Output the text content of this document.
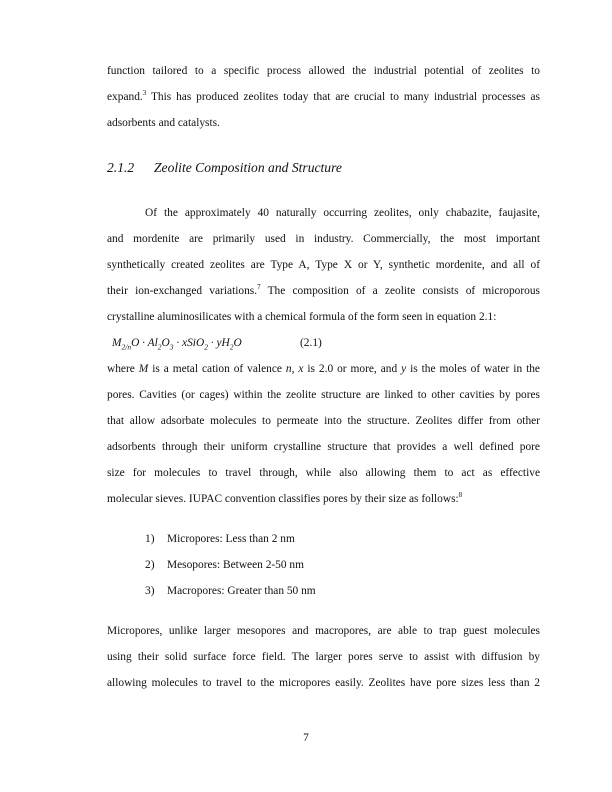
function tailored to a specific process allowed the industrial potential of zeolites to
expand.$^3$ This has produced zeolites today that are crucial to many industrial processes as
adsorbents and catalysts.
2.1.2	Zeolite Composition and Structure
Of the approximately 40 naturally occurring zeolites, only chabazite, faujasite,
and mordenite are primarily used in industry. Commercially, the most important
synthetically created zeolites are Type A, Type X or Y, synthetic mordenite, and all of
their ion-exchanged variations.$^7$ The composition of a zeolite consists of microporous
crystalline aluminosilicates with a chemical formula of the form seen in equation 2.1:
$M_{2/n}O \cdot Al_2O_3$ · xSiO$_2$ · $yH_2O$	(2.1)
where M is a metal cation of valence n, x is 2.0 or more, and y is the moles of water in the
pores. Cavities (or cages) within the zeolite structure are linked to other cavities by pores
that allow adsorbate molecules to permeate into the structure. Zeolites differ from other
adsorbents through their uniform crystalline structure that provides a well defined pore
size for molecules to travel through, while also allowing them to act as effective
molecular sieves. IUPAC convention classifies pores by their size as follows:$^8$
1)	Micropores: Less than 2 nm
2)	Mesopores: Between 2-50 nm
3)	Macropores: Greater than 50 nm
Micropores, unlike larger mesopores and macropores, are able to trap guest molecules
using their solid surface force field. The larger pores serve to assist with diffusion by
allowing molecules to travel to the micropores easily. Zeolites have pore sizes less than 2
7
